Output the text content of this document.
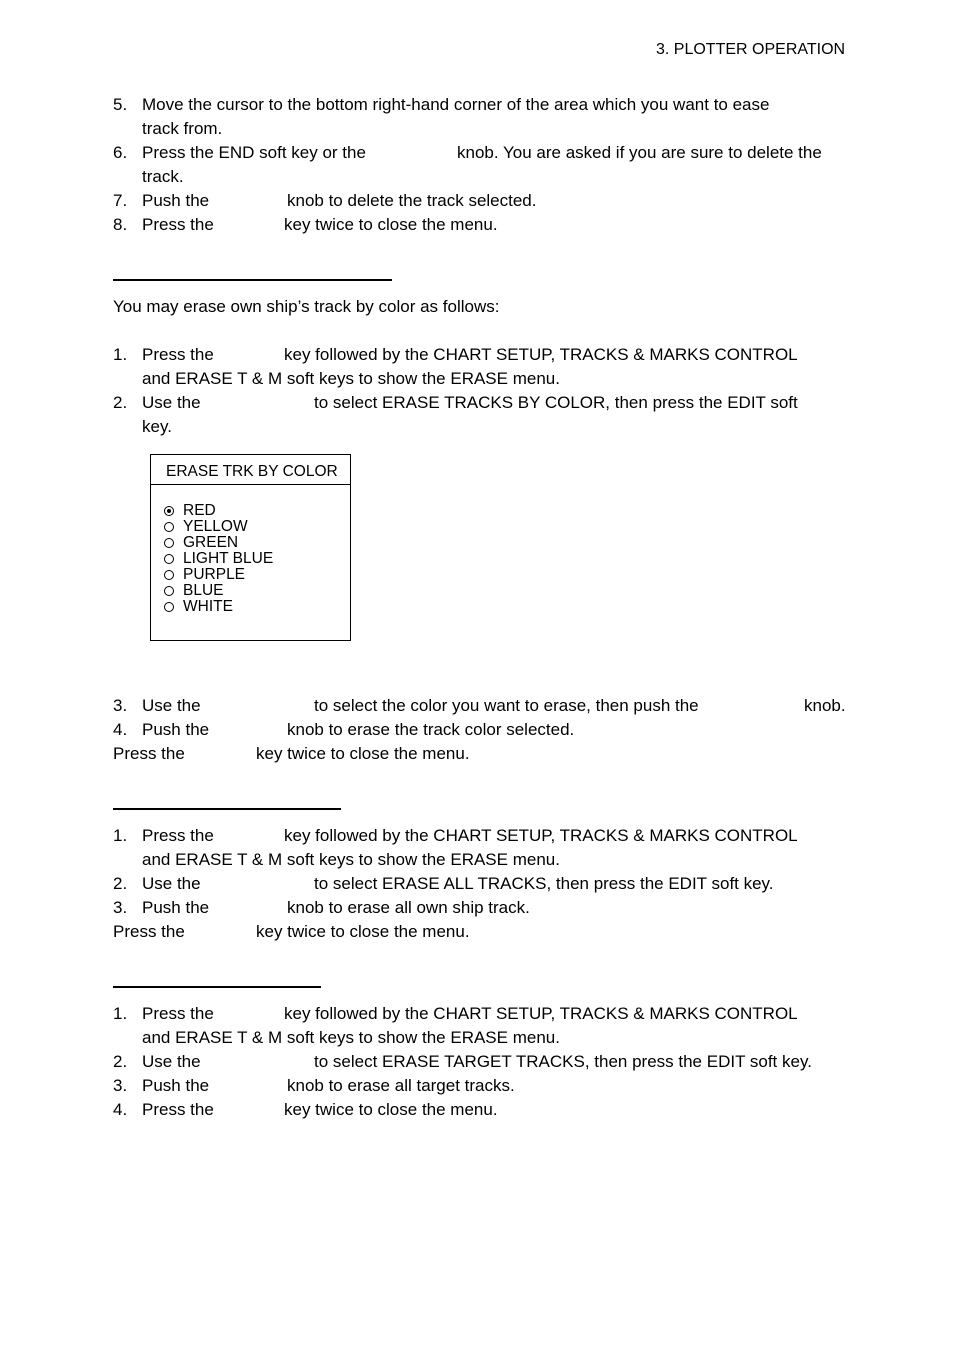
3. PLOTTER OPERATION
5. Move the cursor to the bottom right-hand corner of the area which you want to ease
track from.
6. Press the END soft key or the	knob. You are asked if you are sure to delete the
track.
7. Push the	knob to delete the track selected.
8. Press the	key twice to close the menu.
You may erase own ship’s track by color as follows:
1. Press the	key followed by the CHART SETUP, TRACKS & MARKS CONTROL
and ERASE T & M soft keys to show the ERASE menu.
2. Use the	to select ERASE TRACKS BY COLOR, then press the EDIT soft
key.
ERASE TRK BY COLOR
RED
YELLOW
GREEN
LIGHT BLUE
PURPLE
BLUE
WHITE
3. Use the	to select the color you want to erase, then push the	knob.
4. Push the	knob to erase the track color selected.
Press the	key twice to close the menu.
1. Press the	key followed by the CHART SETUP, TRACKS & MARKS CONTROL
and ERASE T & M soft keys to show the ERASE menu.
2. Use the	to select ERASE ALL TRACKS, then press the EDIT soft key.
3. Push the	knob to erase all own ship track.
Press the	key twice to close the menu.
1. Press the	key followed by the CHART SETUP, TRACKS & MARKS CONTROL
and ERASE T & M soft keys to show the ERASE menu.
2. Use the	to select ERASE TARGET TRACKS, then press the EDIT soft key.
3. Push the	knob to erase all target tracks.
4. Press the	key twice to close the menu.
